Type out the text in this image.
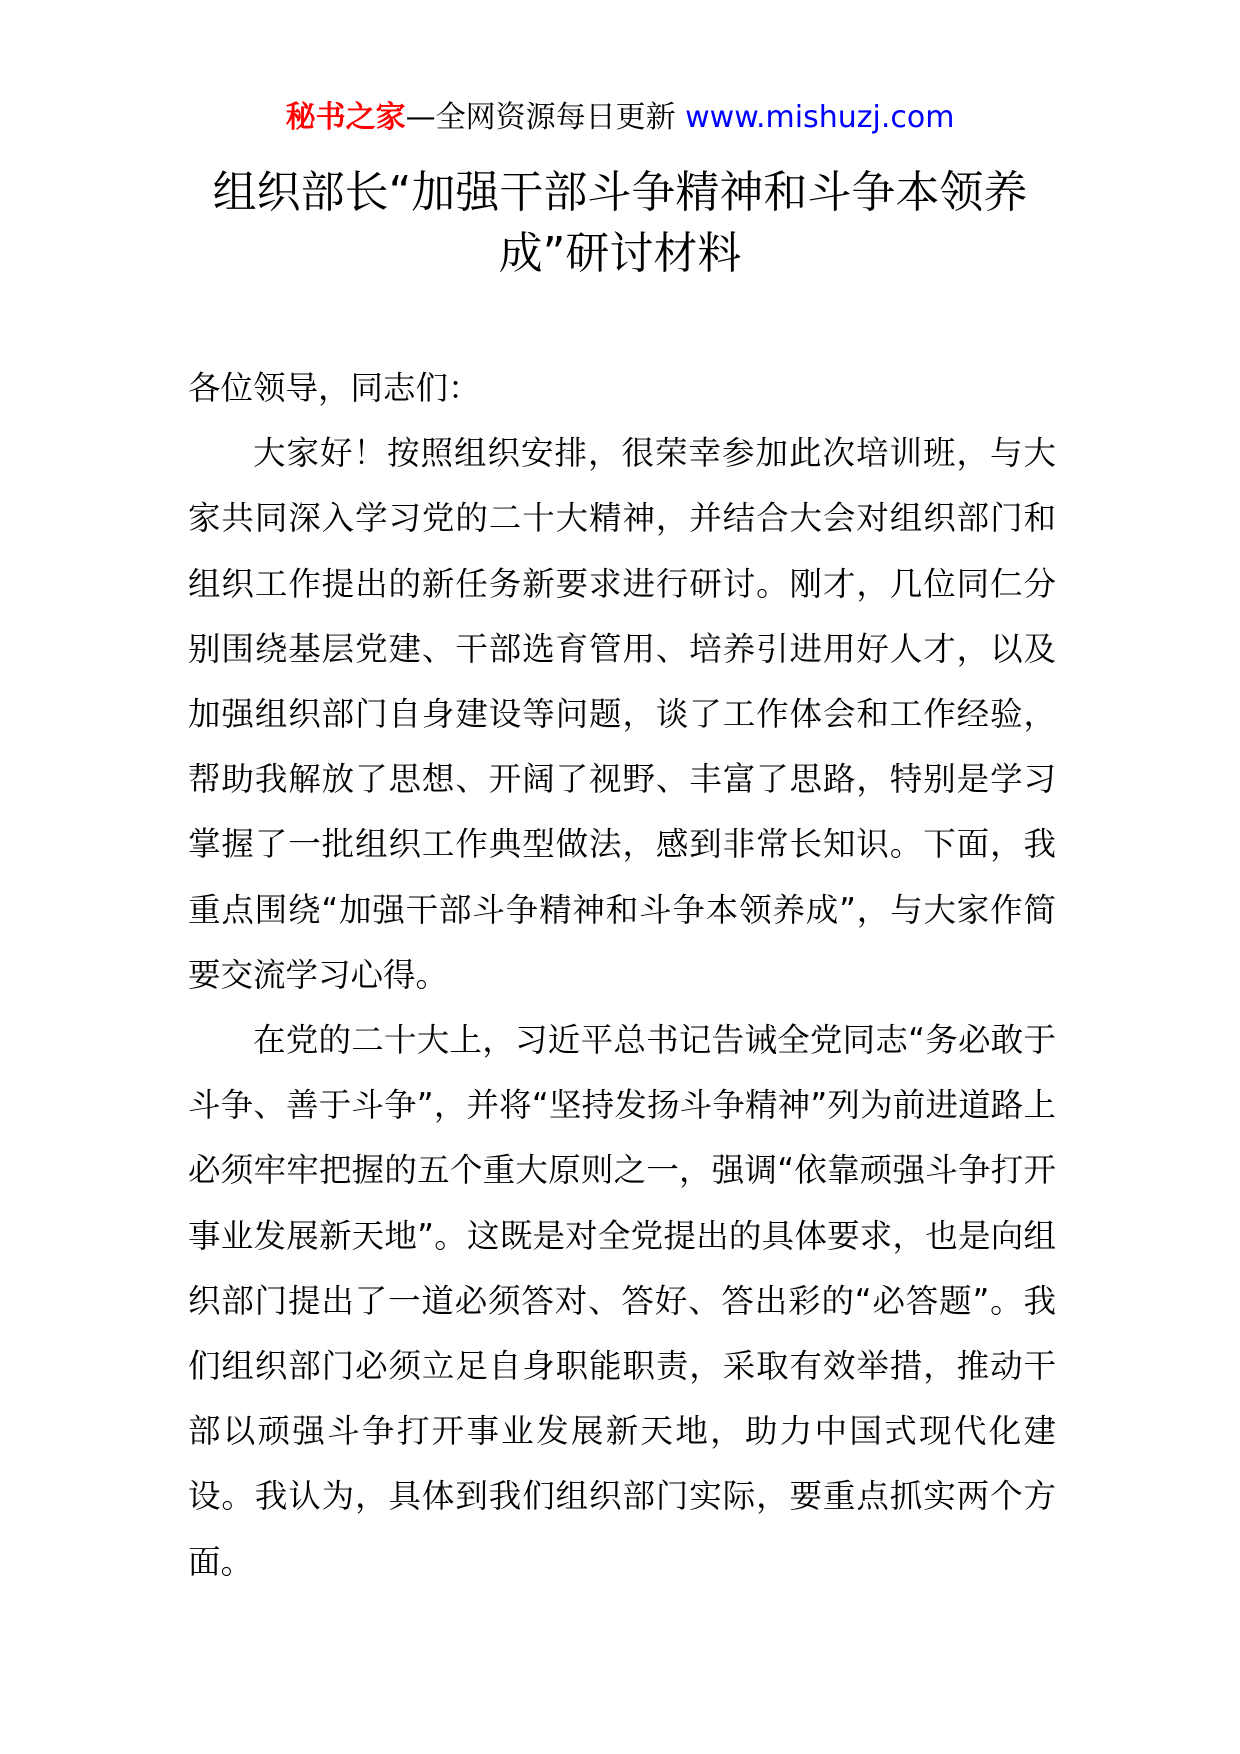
秘书之家—全网资源每日更新 www.mishuzj.com
组织部长“加强干部斗争精神和斗争本领养成”研讨材料

各位领导，同志们：

大家好！按照组织安排，很荣幸参加此次培训班，与大家共同深入学习党的二十大精神，并结合大会对组织部门和组织工作提出的新任务新要求进行研讨。刚才，几位同仁分别围绕基层党建、干部选育管用、培养引进用好人才，以及加强组织部门自身建设等问题，谈了工作体会和工作经验，帮助我解放了思想、开阔了视野、丰富了思路，特别是学习掌握了一批组织工作典型做法，感到非常长知识。下面，我重点围绕“加强干部斗争精神和斗争本领养成”，与大家作简要交流学习心得。

在党的二十大上，习近平总书记告诫全党同志“务必敢于斗争、善于斗争”，并将“坚持发扬斗争精神”列为前进道路上必须牢牢把握的五个重大原则之一，强调“依靠顽强斗争打开事业发展新天地”。这既是对全党提出的具体要求，也是向组织部门提出了一道必须答对、答好、答出彩的“必答题”。我们组织部门必须立足自身职能职责，采取有效举措，推动干部以顽强斗争打开事业发展新天地，助力中国式现代化建设。我认为，具体到我们组织部门实际，要重点抓实两个方面。
